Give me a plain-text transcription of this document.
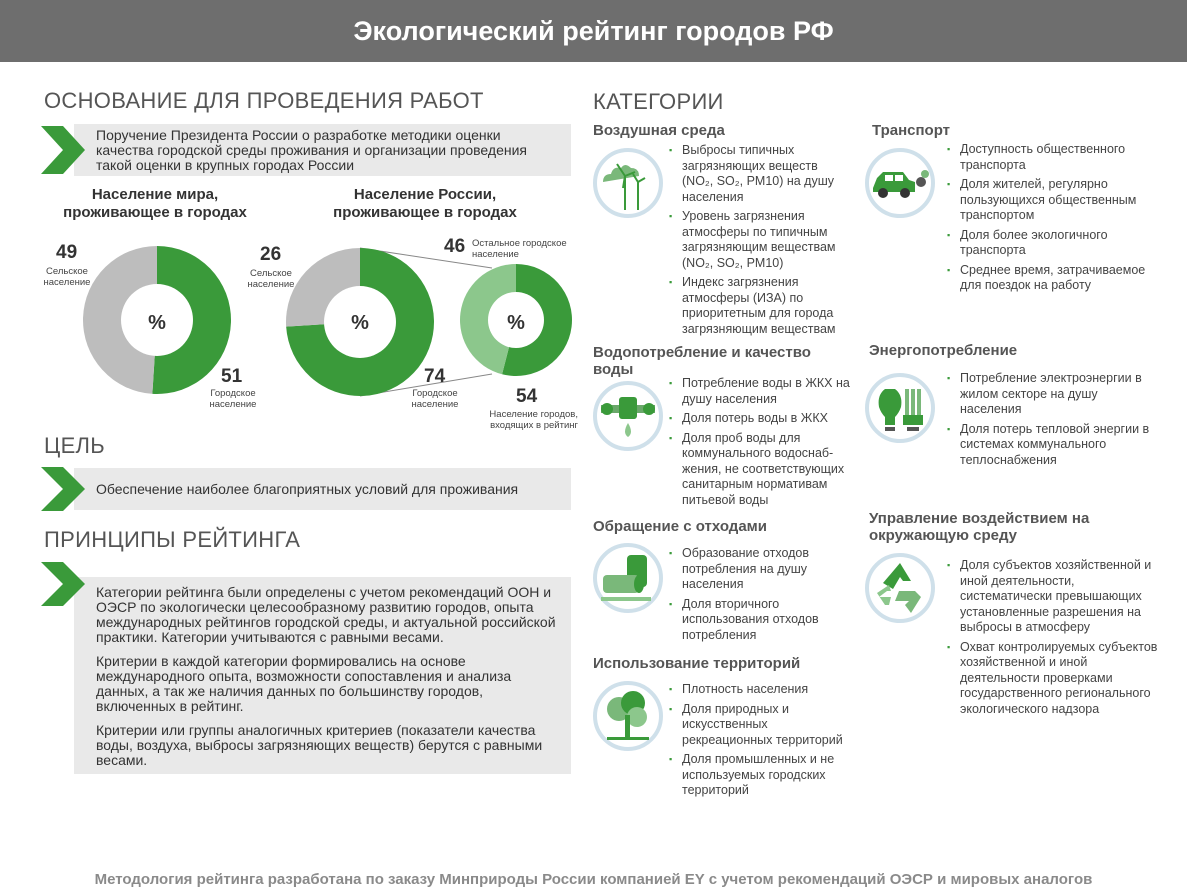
Экологический рейтинг городов РФ
ОСНОВАНИЕ ДЛЯ ПРОВЕДЕНИЯ РАБОТ
Поручение Президента России о разработке методики оценки качества городской среды проживания и организации проведения такой оценки в крупных городах России
Население мира,
проживающее в городах
Население России,
проживающее в городах
%	%	%
49
Сельское
население
51
Городское
население
26
Сельское
население
74
Городское
население
46 Остальное городское
население
54
Население городов,
входящих в рейтинг
ЦЕЛЬ
Обеспечение наиболее благоприятных условий для проживания
ПРИНЦИПЫ РЕЙТИНГА

Категории рейтинга были определены с учетом рекомендаций ООН и ОЭСР по экологически целесообразному развитию городов, опыта международных рейтингов городской среды, и актуальной российской практики. Категории учитываются с равными весами.

Критерии в каждой категории формировались на основе международного опыта, возможности сопоставления и анализа данных, а так же наличия данных по большинству городов, включенных в рейтинг.

Критерии или группы аналогичных критериев (показатели качества воды, воздуха, выбросы загрязняющих веществ) берутся с равными весами.

КАТЕГОРИИ
Воздушная среда
▪ Выбросы типичных загрязняющих веществ (NO₂, SO₂, PM10) на душу населения
▪ Уровень загрязнения атмосферы по типичным загрязняющим веществам (NO₂, SO₂, PM10)
▪ Индекс загрязнения атмосферы (ИЗА) по приоритетным для города загрязняющим веществам
Водопотребление и качество воды
▪ Потребление воды в ЖКХ на душу населения
▪ Доля потерь воды в ЖКХ
▪ Доля проб воды для коммунального водоснаб-жения, не соответствующих санитарным нормативам питьевой воды
Обращение с отходами
▪ Образование отходов потребления на душу населения
▪ Доля вторичного использования отходов потребления
Использование территорий
▪ Плотность населения
▪ Доля природных и искусственных рекреационных территорий
▪ Доля промышленных и не используемых городских территорий
Транспорт
▪ Доступность общественного транспорта
▪ Доля жителей, регулярно пользующихся общественным транспортом
▪ Доля более экологичного транспорта
▪ Среднее время, затрачиваемое для поездок на работу
Энергопотребление
▪ Потребление электроэнергии в жилом секторе на душу населения
▪ Доля потерь тепловой энергии в системах коммунального теплоснабжения
Управление воздействием на окружающую среду
▪ Доля субъектов хозяйственной и иной деятельности, систематически превышающих установленные разрешения на выбросы в атмосферу
▪ Охват контролируемых субъектов хозяйственной и иной деятельности проверками государственного регионального экологического надзора
Методология рейтинга разработана по заказу Минприроды России компанией EY с учетом рекомендаций ОЭСР и мировых аналогов
